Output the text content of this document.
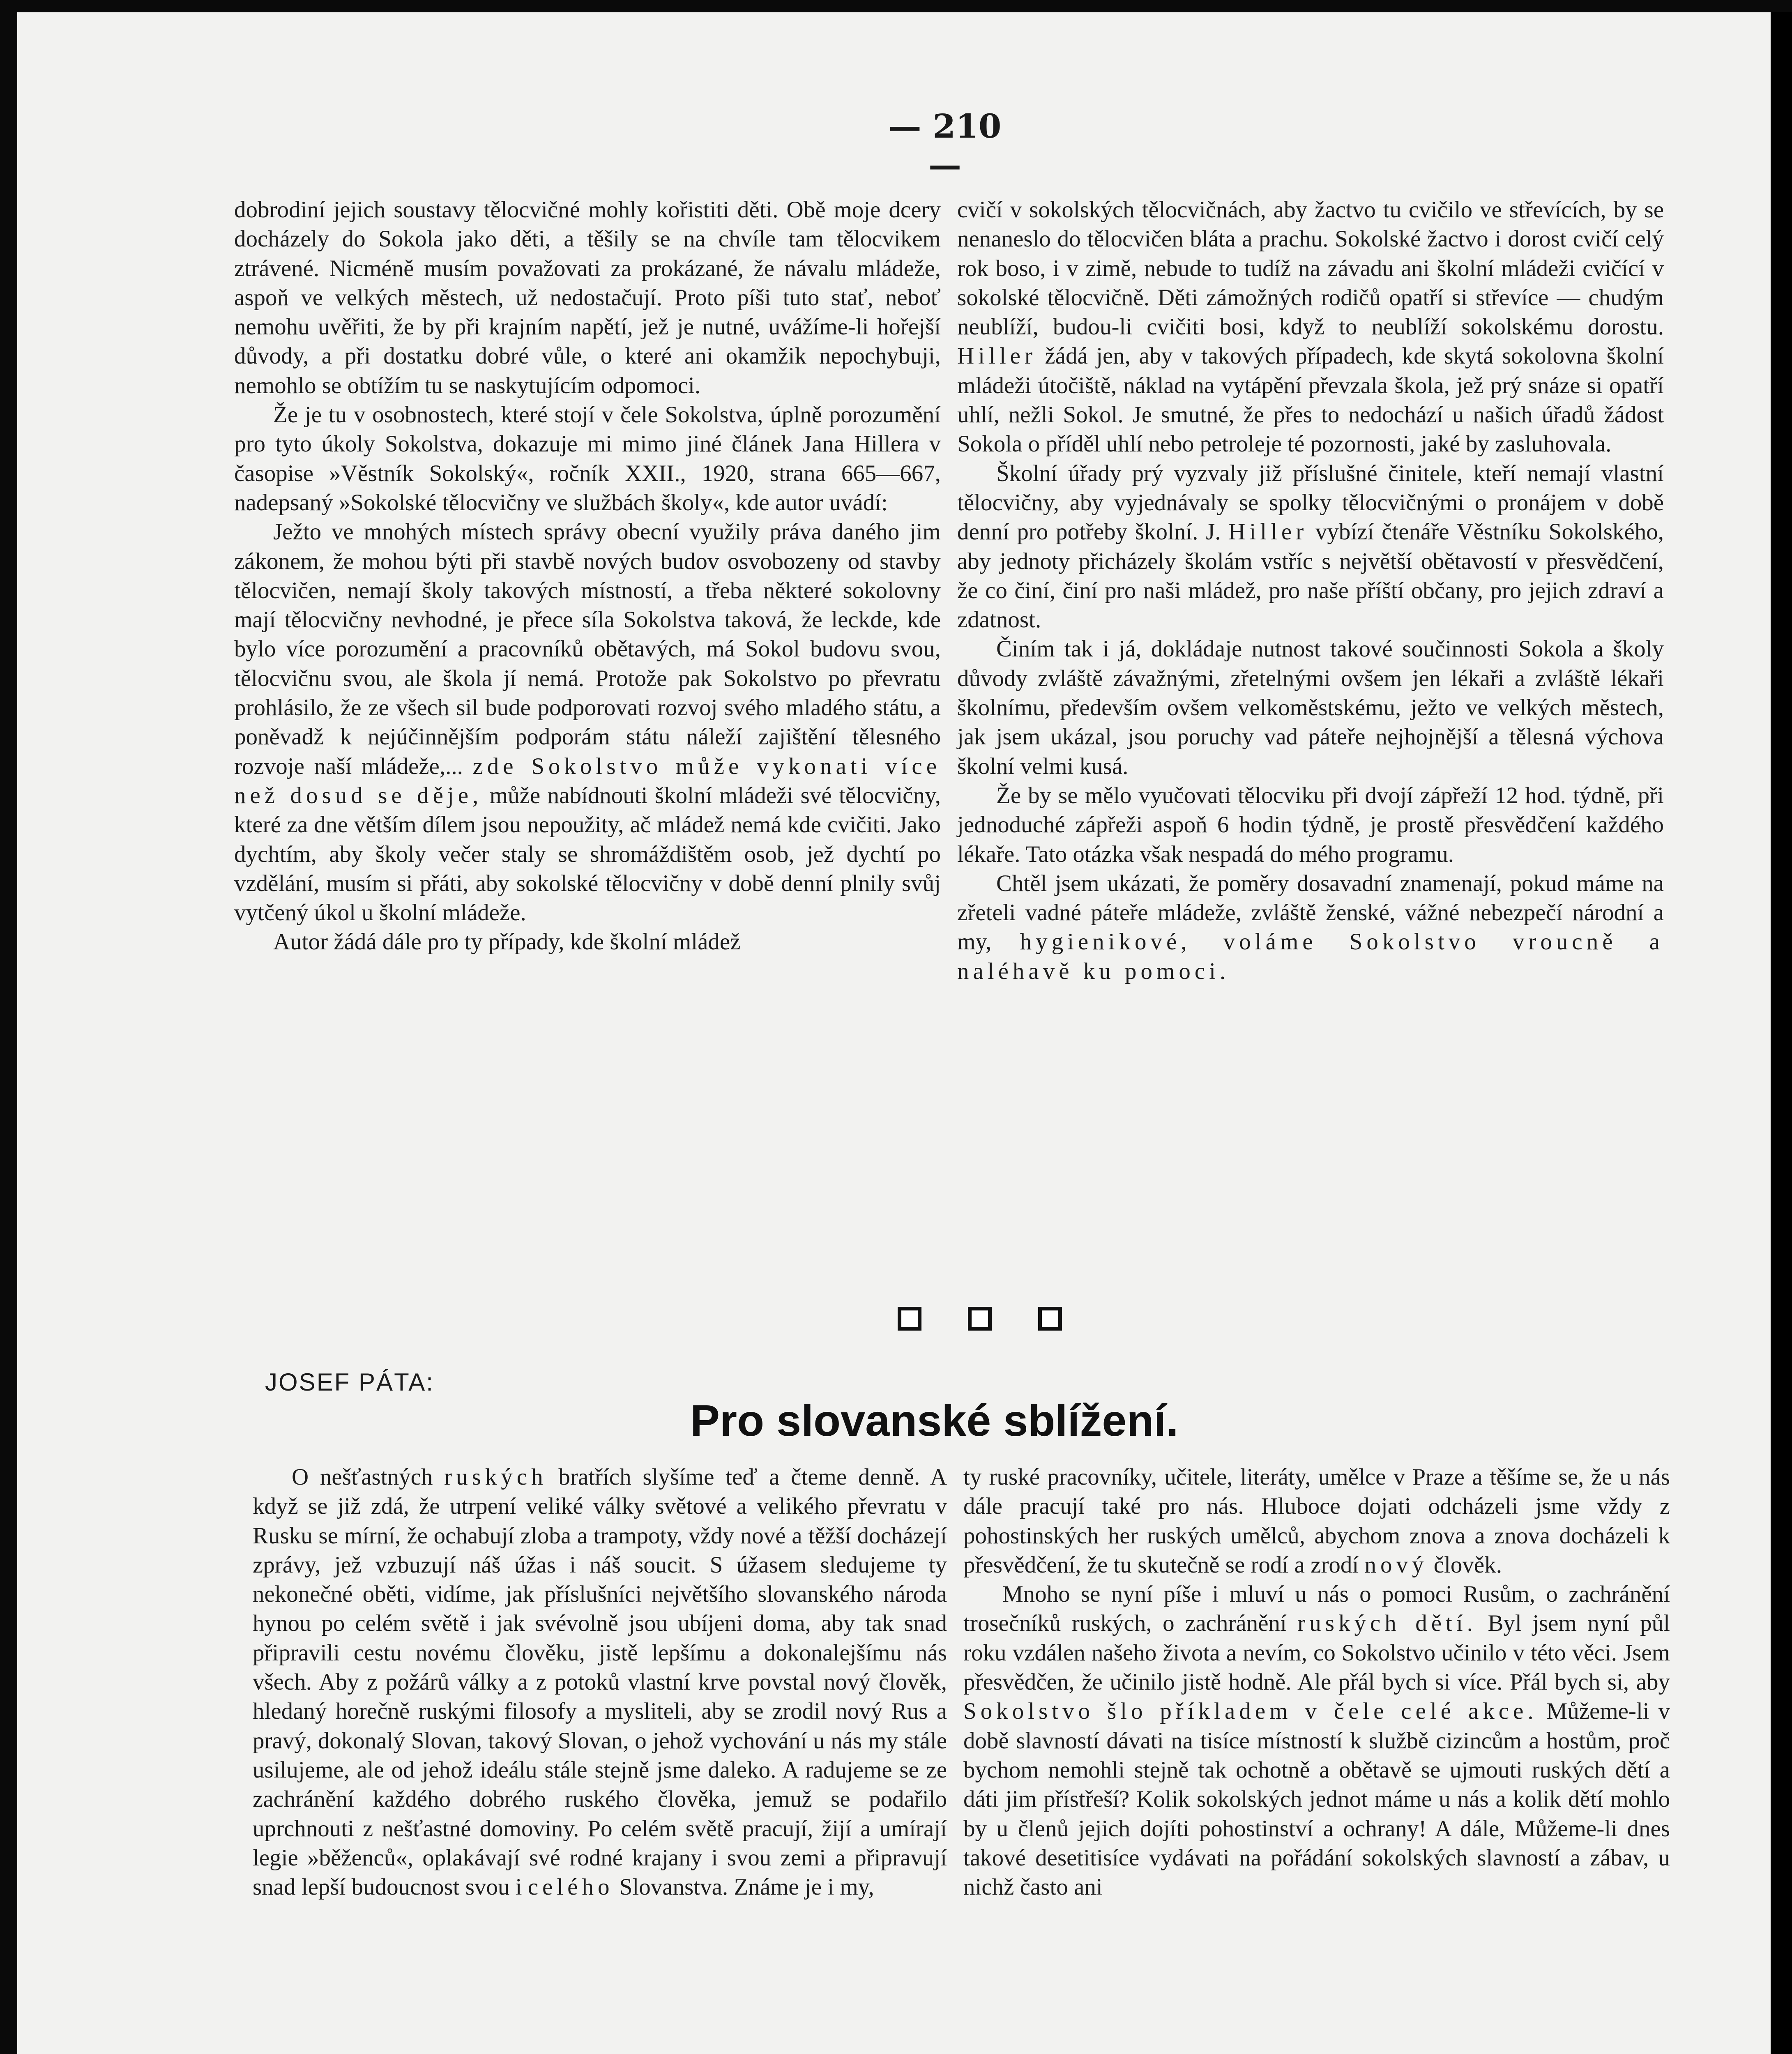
— 210 —

dobrodiní jejich soustavy tělocvičné mohly kořistiti děti. Obě moje dcery docházely do Sokola jako děti, a těšily se na chvíle tam tělocvikem ztrávené. Nicméně musím považovati za prokázané, že návalu mládeže, aspoň ve velkých městech, už nedostačují. Proto píši tuto stať, neboť nemohu uvěřiti, že by při krajním napětí, jež je nutné, uvážíme-li hořejší důvody, a při dostatku dobré vůle, o které ani okamžik nepochybuji, nemohlo se obtížím tu se naskytujícím odpomoci.

Že je tu v osobnostech, které stojí v čele Sokolstva, úplně porozumění pro tyto úkoly Sokolstva, dokazuje mi mimo jiné článek Jana Hillera v časopise »Věstník Sokolský«, ročník XXII., 1920, strana 665—667, nadepsaný »Sokolské tělocvičny ve službách školy«, kde autor uvádí:

Ježto ve mnohých místech správy obecní využily práva daného jim zákonem, že mohou býti při stavbě nových budov osvobozeny od stavby tělocvičen, nemají školy takových místností, a třeba některé sokolovny mají tělocvičny nevhodné, je přece síla Sokolstva taková, že leckde, kde bylo více porozumění a pracovníků obětavých, má Sokol budovu svou, tělocvičnu svou, ale škola jí nemá. Protože pak Sokolstvo po převratu prohlásilo, že ze všech sil bude podporovati rozvoj svého mladého státu, a poněvadž k nejúčinnějším podporám státu náleží zajištění tělesného rozvoje naší mládeže,... zde Sokolstvo může vykonati více než dosud se děje, může nabídnouti školní mládeži své tělocvičny, které za dne větším dílem jsou nepoužity, ač mládež nemá kde cvičiti. Jako dychtím, aby školy večer staly se shromáždištěm osob, jež dychtí po vzdělání, musím si přáti, aby sokolské tělocvičny v době denní plnily svůj vytčený úkol u školní mládeže.

Autor žádá dále pro ty případy, kde školní mládež

cvičí v sokolských tělocvičnách, aby žactvo tu cvičilo ve střevících, by se nenaneslo do tělocvičen bláta a prachu. Sokolské žactvo i dorost cvičí celý rok boso, i v zimě, nebude to tudíž na závadu ani školní mládeži cvičící v sokolské tělocvičně. Děti zámožných rodičů opatří si střevíce — chudým neublíží, budou-li cvičiti bosi, když to neublíží sokolskému dorostu. Hiller žádá jen, aby v takových případech, kde skytá sokolovna školní mládeži útočiště, náklad na vytápění převzala škola, jež prý snáze si opatří uhlí, nežli Sokol. Je smutné, že přes to nedochází u našich úřadů žádost Sokola o příděl uhlí nebo petroleje té pozornosti, jaké by zasluhovala.

Školní úřady prý vyzvaly již příslušné činitele, kteří nemají vlastní tělocvičny, aby vyjednávaly se spolky tělocvičnými o pronájem v době denní pro potřeby školní. J. Hiller vybízí čtenáře Věstníku Sokolského, aby jednoty přicházely školám vstříc s největší obětavostí v přesvědčení, že co činí, činí pro naši mládež, pro naše příští občany, pro jejich zdraví a zdatnost.

Činím tak i já, dokládaje nutnost takové součinnosti Sokola a školy důvody zvláště závažnými, zřetelnými ovšem jen lékaři a zvláště lékaři školnímu, především ovšem velkoměstskému, ježto ve velkých městech, jak jsem ukázal, jsou poruchy vad páteře nejhojnější a tělesná výchova školní velmi kusá.

Že by se mělo vyučovati tělocviku při dvojí zápřeží 12 hod. týdně, při jednoduché zápřeži aspoň 6 hodin týdně, je prostě přesvědčení každého lékaře. Tato otázka však nespadá do mého programu.

Chtěl jsem ukázati, že poměry dosavadní znamenají, pokud máme na zřeteli vadné páteře mládeže, zvláště ženské, vážné nebezpečí národní a my, hygienikové, voláme Sokolstvo vroucně a naléhavě ku pomoci.

JOSEF PÁTA:
Pro slovanské sblížení.

O nešťastných ruských bratřích slyšíme teď a čteme denně. A když se již zdá, že utrpení veliké války světové a velikého převratu v Rusku se mírní, že ochabují zloba a trampoty, vždy nové a těžší docházejí zprávy, jež vzbuzují náš úžas i náš soucit. S úžasem sledujeme ty nekonečné oběti, vidíme, jak příslušníci největšího slovanského národa hynou po celém světě i jak svévolně jsou ubíjeni doma, aby tak snad připravili cestu novému člověku, jistě lepšímu a dokonalejšímu nás všech. Aby z požárů války a z potoků vlastní krve povstal nový člověk, hledaný horečně ruskými filosofy a mysliteli, aby se zrodil nový Rus a pravý, dokonalý Slovan, takový Slovan, o jehož vychování u nás my stále usilujeme, ale od jehož ideálu stále stejně jsme daleko. A radujeme se ze zachránění každého dobrého ruského člověka, jemuž se podařilo uprchnouti z nešťastné domoviny. Po celém světě pracují, žijí a umírají legie »běženců«, oplakávají své rodné krajany i svou zemi a připravují snad lepší budoucnost svou i celého Slovanstva. Známe je i my,

ty ruské pracovníky, učitele, literáty, umělce v Praze a těšíme se, že u nás dále pracují také pro nás. Hluboce dojati odcházeli jsme vždy z pohostinských her ruských umělců, abychom znova a znova docházeli k přesvědčení, že tu skutečně se rodí a zrodí nový člověk.

Mnoho se nyní píše i mluví u nás o pomoci Rusům, o zachránění trosečníků ruských, o zachránění ruských dětí. Byl jsem nyní půl roku vzdálen našeho života a nevím, co Sokolstvo učinilo v této věci. Jsem přesvědčen, že učinilo jistě hodně. Ale přál bych si více. Přál bych si, aby Sokolstvo šlo příkladem v čele celé akce. Můžeme-li v době slavností dávati na tisíce místností k službě cizincům a hostům, proč bychom nemohli stejně tak ochotně a obětavě se ujmouti ruských dětí a dáti jim přístřeší? Kolik sokolských jednot máme u nás a kolik dětí mohlo by u členů jejich dojíti pohostinství a ochrany! A dále, Můžeme-li dnes takové desetitisíce vydávati na pořádání sokolských slavností a zábav, u nichž často ani
